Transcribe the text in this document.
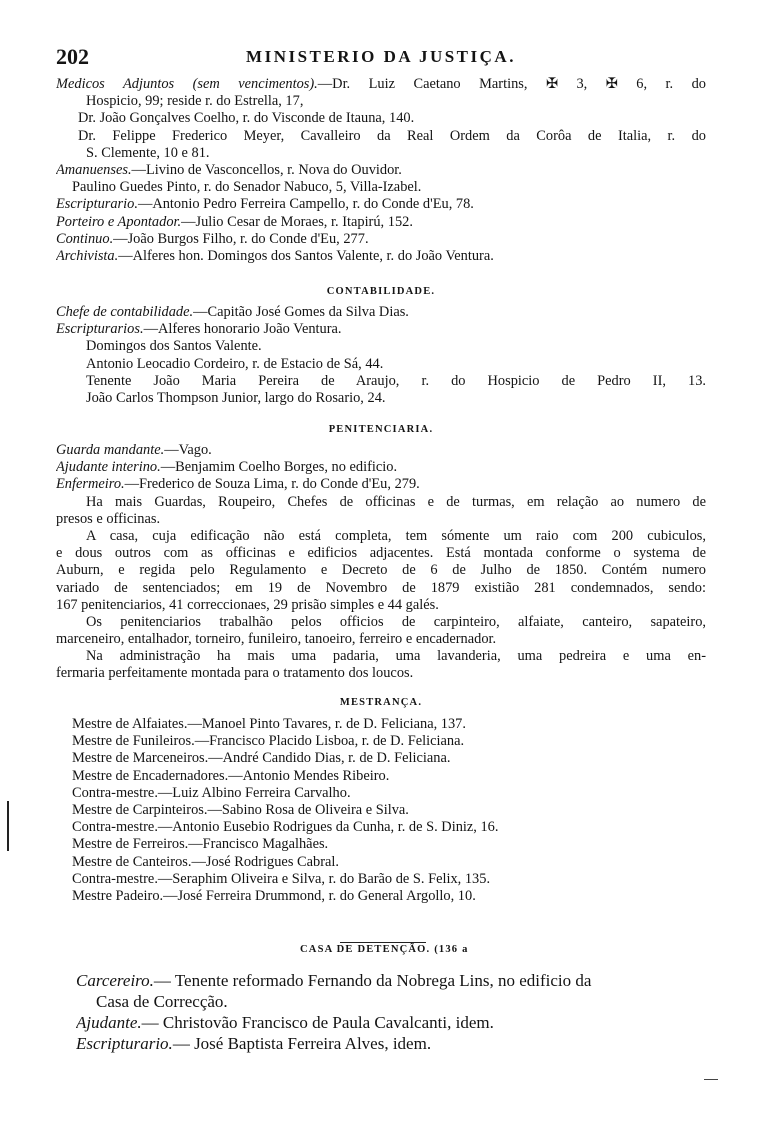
202	MINISTERIO DA JUSTIÇA.
Medicos Adjuntos (sem vencimentos).—Dr. Luiz Caetano Martins, ✠ 3, ✠ 6, r. do
Hospicio, 99; reside r. do Estrella, 17,
Dr. João Gonçalves Coelho, r. do Visconde de Itauna, 140.
Dr. Felippe Frederico Meyer, Cavalleiro da Real Ordem da Corôa de Italia, r. do
S. Clemente, 10 e 81.
Amanuenses.—Livino de Vasconcellos, r. Nova do Ouvidor.
Paulino Guedes Pinto, r. do Senador Nabuco, 5, Villa-Izabel.
Escripturario.—Antonio Pedro Ferreira Campello, r. do Conde d'Eu, 78.
Porteiro e Apontador.—Julio Cesar de Moraes, r. Itapirú, 152.
Continuo.—João Burgos Filho, r. do Conde d'Eu, 277.
Archivista.—Alferes hon. Domingos dos Santos Valente, r. do João Ventura.
CONTABILIDADE.
Chefe de contabilidade.—Capitão José Gomes da Silva Dias.
Escripturarios.—Alferes honorario João Ventura.
Domingos dos Santos Valente.
Antonio Leocadio Cordeiro, r. de Estacio de Sá, 44.
Tenente João Maria Pereira de Araujo, r. do Hospicio de Pedro II, 13.
João Carlos Thompson Junior, largo do Rosario, 24.
PENITENCIARIA.
Guarda mandante.—Vago.
Ajudante interino.—Benjamim Coelho Borges, no edificio.
Enfermeiro.—Frederico de Souza Lima, r. do Conde d'Eu, 279.
Ha mais Guardas, Roupeiro, Chefes de officinas e de turmas, em relação ao numero de
presos e officinas.
A casa, cuja edificação não está completa, tem sómente um raio com 200 cubiculos,
e dous outros com as officinas e edificios adjacentes. Está montada conforme o systema de
Auburn, e regida pelo Regulamento e Decreto de 6 de Julho de 1850. Contém numero
variado de sentenciados; em 19 de Novembro de 1879 existião 281 condemnados, sendo:
167 penitenciarios, 41 correccionaes, 29 prisão simples e 44 galés.
Os penitenciarios trabalhão pelos officios de carpinteiro, alfaiate, canteiro, sapateiro,
marceneiro, entalhador, torneiro, funileiro, tanoeiro, ferreiro e encadernador.
Na administração ha mais uma padaria, uma lavanderia, uma pedreira e uma en-
fermaria perfeitamente montada para o tratamento dos loucos.
MESTRANÇA.
Mestre de Alfaiates.—Manoel Pinto Tavares, r. de D. Feliciana, 137.
Mestre de Funileiros.—Francisco Placido Lisboa, r. de D. Feliciana.
Mestre de Marceneiros.—André Candido Dias, r. de D. Feliciana.
Mestre de Encadernadores.—Antonio Mendes Ribeiro.
Contra-mestre.—Luiz Albino Ferreira Carvalho.
Mestre de Carpinteiros.—Sabino Rosa de Oliveira e Silva.
Contra-mestre.—Antonio Eusebio Rodrigues da Cunha, r. de S. Diniz, 16.
Mestre de Ferreiros.—Francisco Magalhães.
Mestre de Canteiros.—José Rodrigues Cabral.
Contra-mestre.—Seraphim Oliveira e Silva, r. do Barão de S. Felix, 135.
Mestre Padeiro.—José Ferreira Drummond, r. do General Argollo, 10.
CASA DE DETENÇÃO. (136 a
Carcereiro.— Tenente reformado Fernando da Nobrega Lins, no edificio da
Casa de Correcção.
Ajudante.— Christovão Francisco de Paula Cavalcanti, idem.
Escripturario.— José Baptista Ferreira Alves, idem.
